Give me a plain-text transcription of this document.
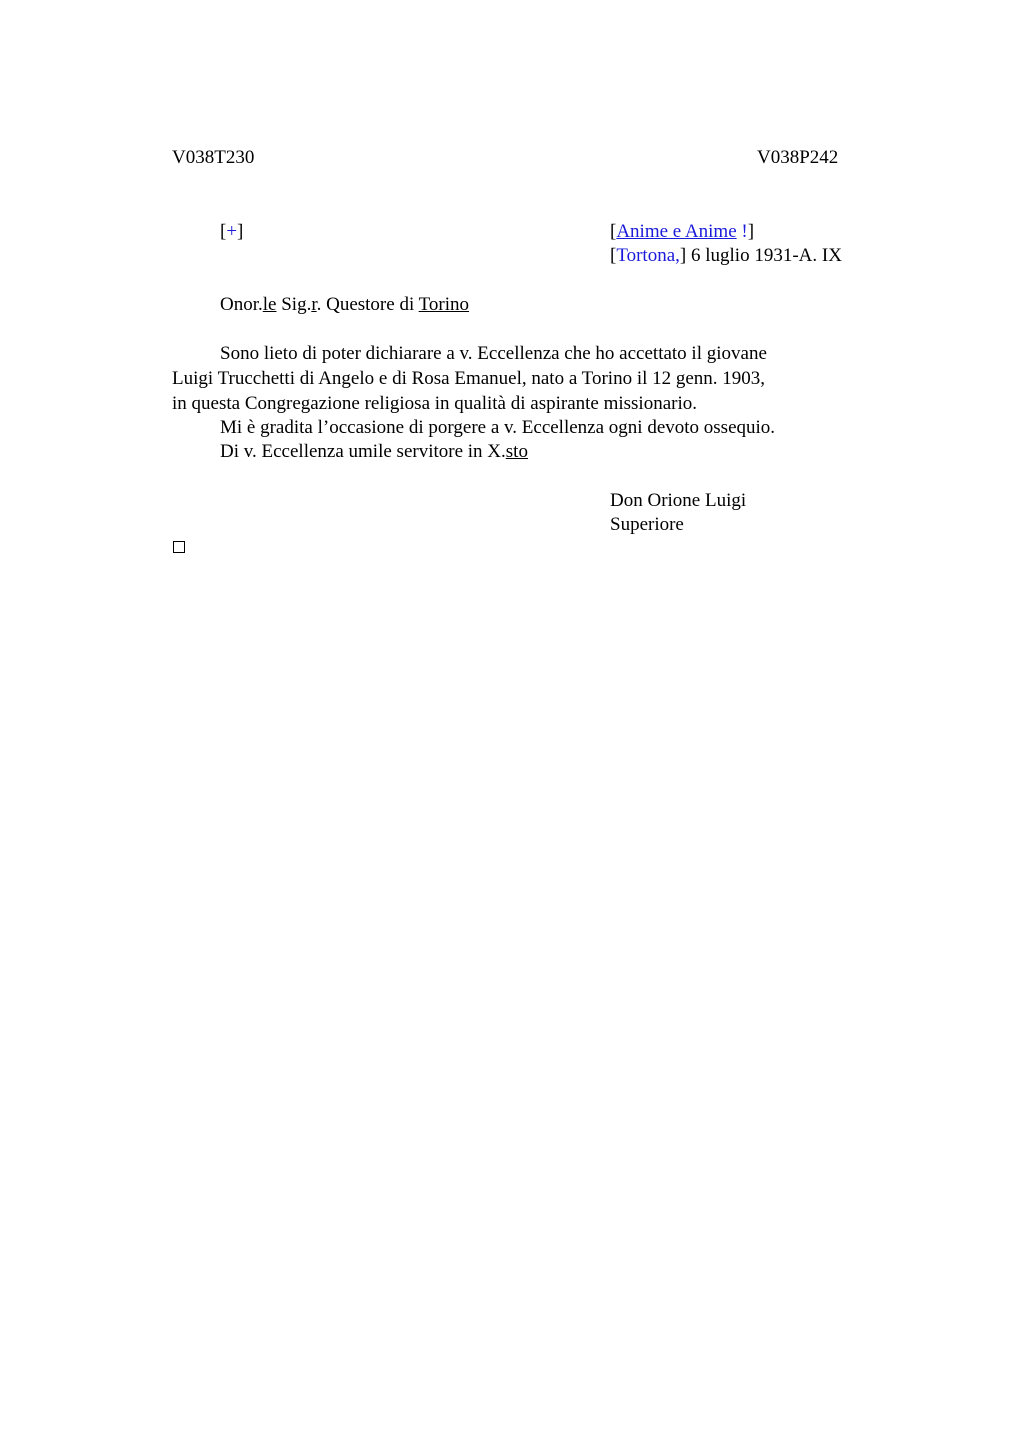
V038T230	V038P242
[+]	[Anime e Anime !]
[Tortona,] 6 luglio 1931-A. IX
Onor.le Sig.r. Questore di Torino
Sono lieto di poter dichiarare a v. Eccellenza che ho accettato il giovane
Luigi Trucchetti di Angelo e di Rosa Emanuel, nato a Torino il 12 genn. 1903,
in questa Congregazione religiosa in qualità di aspirante missionario.
Mi è gradita l’occasione di porgere a v. Eccellenza ogni devoto ossequio.
Di v. Eccellenza umile servitore in X.sto
Don Orione Luigi
Superiore
